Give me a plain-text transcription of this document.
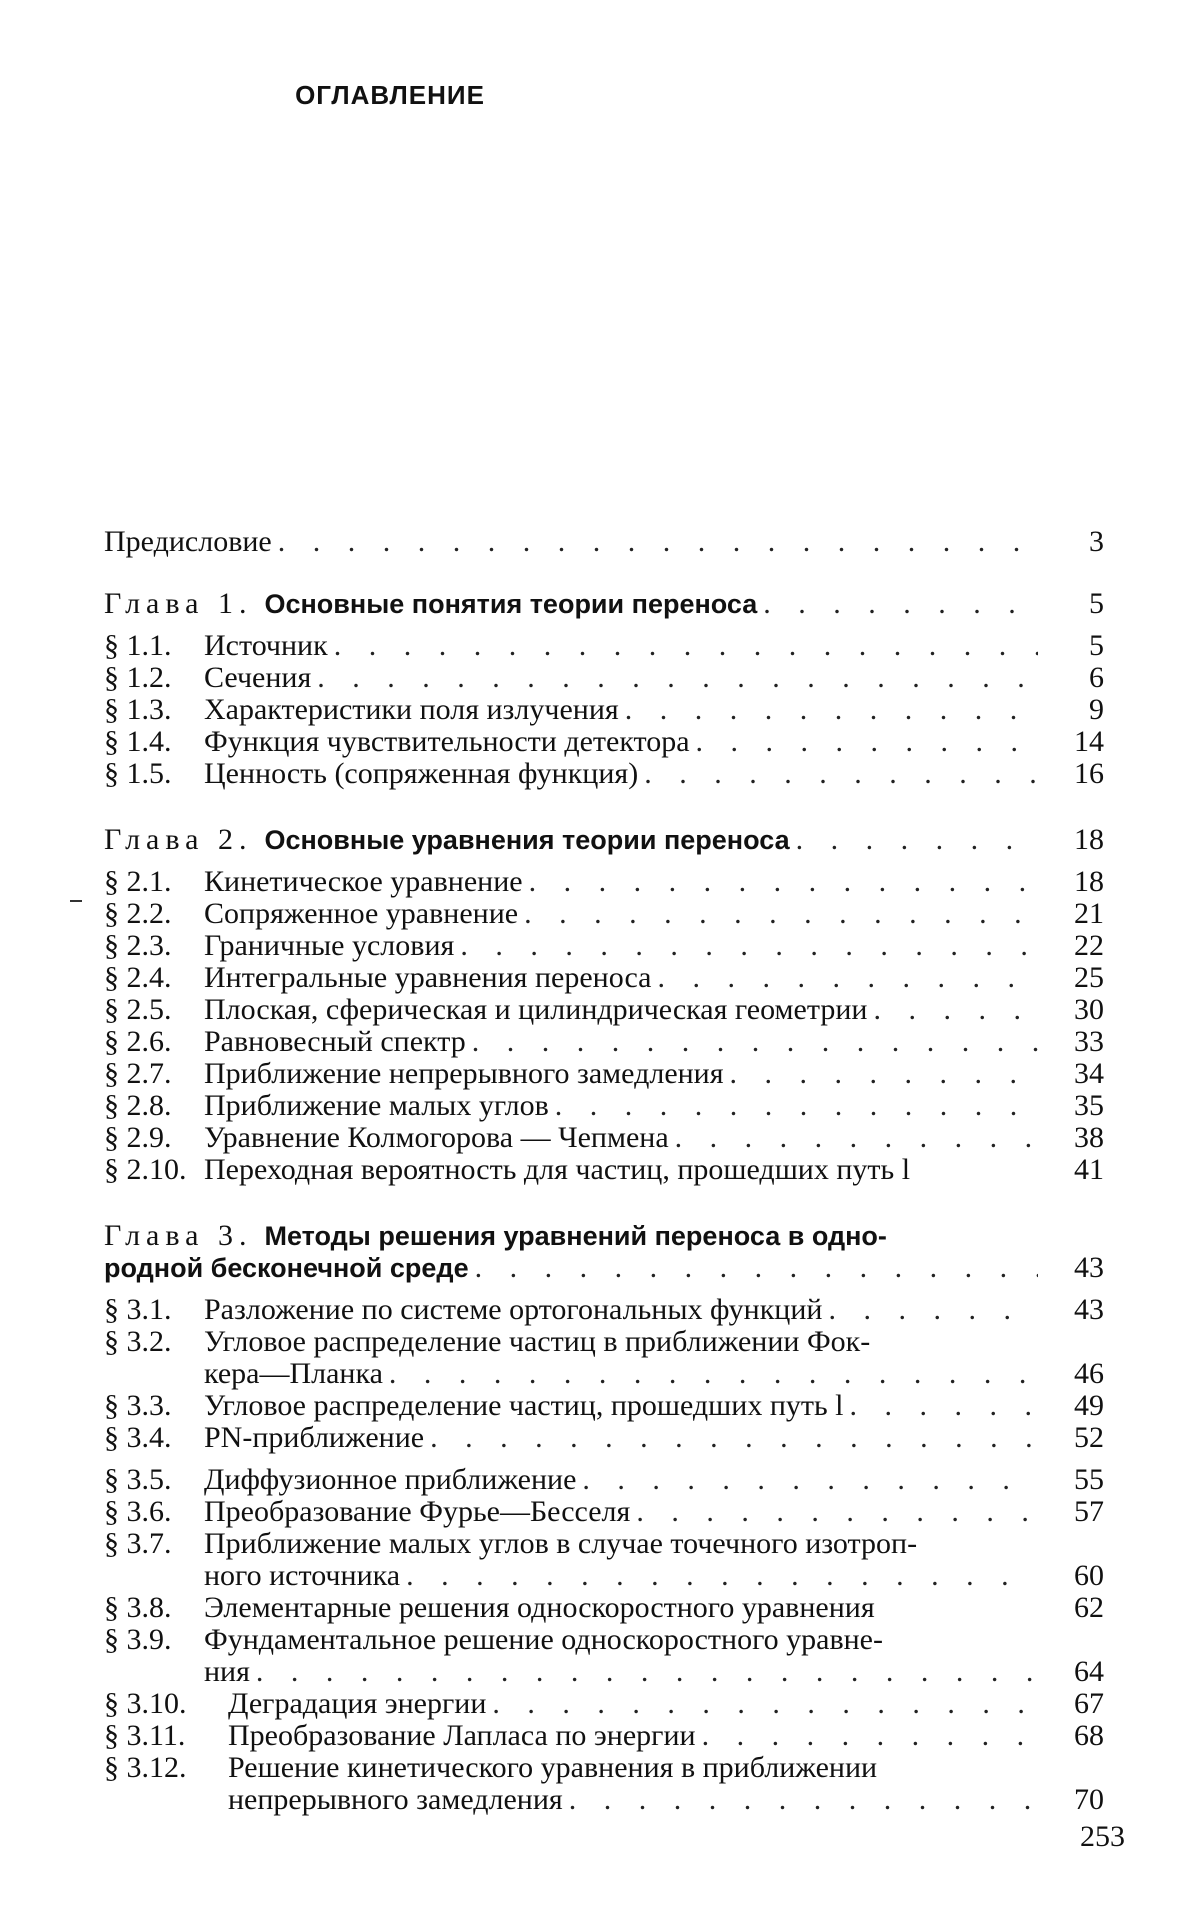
ОГЛАВЛЕНИЕ
Предисловие . . .	3
Глава 1. Основные понятия теории переноса . . .	5
§ 1.1.	Источник . . .	5
§ 1.2.	Сечения . . .	6
§ 1.3.	Характеристики поля излучения . . .	9
§ 1.4.	Функция чувствительности детектора . . .	14
§ 1.5.	Ценность (сопряженная функция) . . .	16
Глава 2. Основные уравнения теории переноса . . .	18
§ 2.1.	Кинетическое уравнение . . .	18
§ 2.2.	Сопряженное уравнение . . .	21
§ 2.3.	Граничные условия . . .	22
§ 2.4.	Интегральные уравнения переноса . . .	25
§ 2.5.	Плоская, сферическая и цилиндрическая геометрии . . .	30
§ 2.6.	Равновесный спектр . . .	33
§ 2.7.	Приближение непрерывного замедления . . .	34
§ 2.8.	Приближение малых углов . . .	35
§ 2.9.	Уравнение Колмогорова — Чепмена . . .	38
§ 2.10. Переходная вероятность для частиц, прошедших путь l	41
Глава 3. Методы решения уравнений переноса в одно-
родной бесконечной среде . . .	43
§ 3.1.	Разложение по системе ортогональных функций . . .	43
§ 3.2.	Угловое распределение частиц в приближении Фок-
кера—Планка . . .	46
§ 3.3.	Угловое распределение частиц, прошедших путь l . . .	49
§ 3.4.	PN-приближение . . .	52
§ 3.5.	Диффузионное приближение . . .	55
§ 3.6.	Преобразование Фурье—Бесселя . . .	57
§ 3.7.	Приближение малых углов в случае точечного изотроп-
ного источника . . .	60
§ 3.8.	Элементарные решения односкоростного уравнения	62
§ 3.9.	Фундаментальное решение односкоростного уравне-
ния . . .	64
§ 3.10.	Деградация энергии . . .	67
§ 3.11.	Преобразование Лапласа по энергии . . .	68
§ 3.12.	Решение кинетического уравнения в приближении
непрерывного замедления . . .	70
253
